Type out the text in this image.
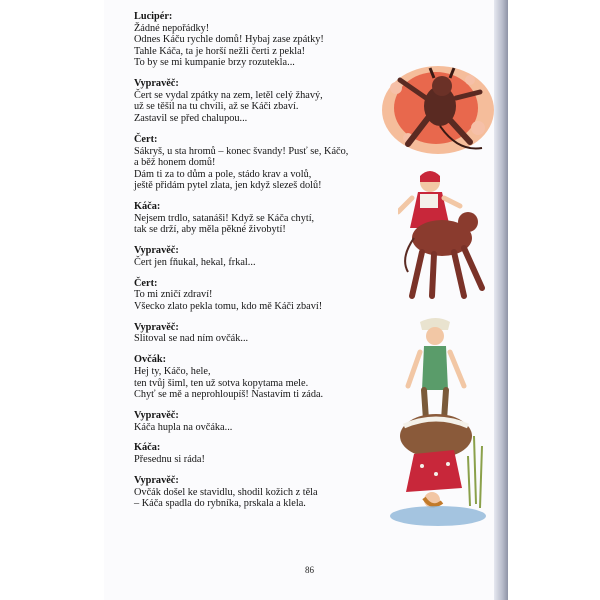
Lucipér:
Žádné nepořádky!
Odnes Káču rychle domů! Hybaj zase zpátky!
Tahle Káča, ta je horší nežli čerti z pekla!
To by se mi kumpanie brzy rozutekla...
Vypravěč:
Čert se vydal zpátky na zem, letěl celý žhavý,
už se těšil na tu chvíli, až se Káči zbaví.
Zastavil se před chalupou...
Čert:
Sákryš, u sta hromů – konec švandy! Pusť se, Káčo,
a běž honem domů!
Dám ti za to dům a pole, stádo krav a volů,
ještě přidám pytel zlata, jen když slezeš dolů!
Káča:
Nejsem trdlo, satanáši! Když se Káča chytí,
tak se drží, aby měla pěkné živobytí!
Vypravěč:
Čert jen fňukal, hekal, frkal...
Čert:
To mi zničí zdraví!
Všecko zlato pekla tomu, kdo mě Káči zbaví!
Vypravěč:
Slitoval se nad ním ovčák...
Ovčák:
Hej ty, Káčo, hele,
ten tvůj šiml, ten už sotva kopytama mele.
Chyť se mě a neprohloupíš! Nastavím ti záda.
Vypravěč:
Káča hupla na ovčáka...
Káča:
Přesednu si ráda!
Vypravěč:
Ovčák došel ke stavidlu, shodil kožich z těla
– Káča spadla do rybníka, prskala a klela.
86
